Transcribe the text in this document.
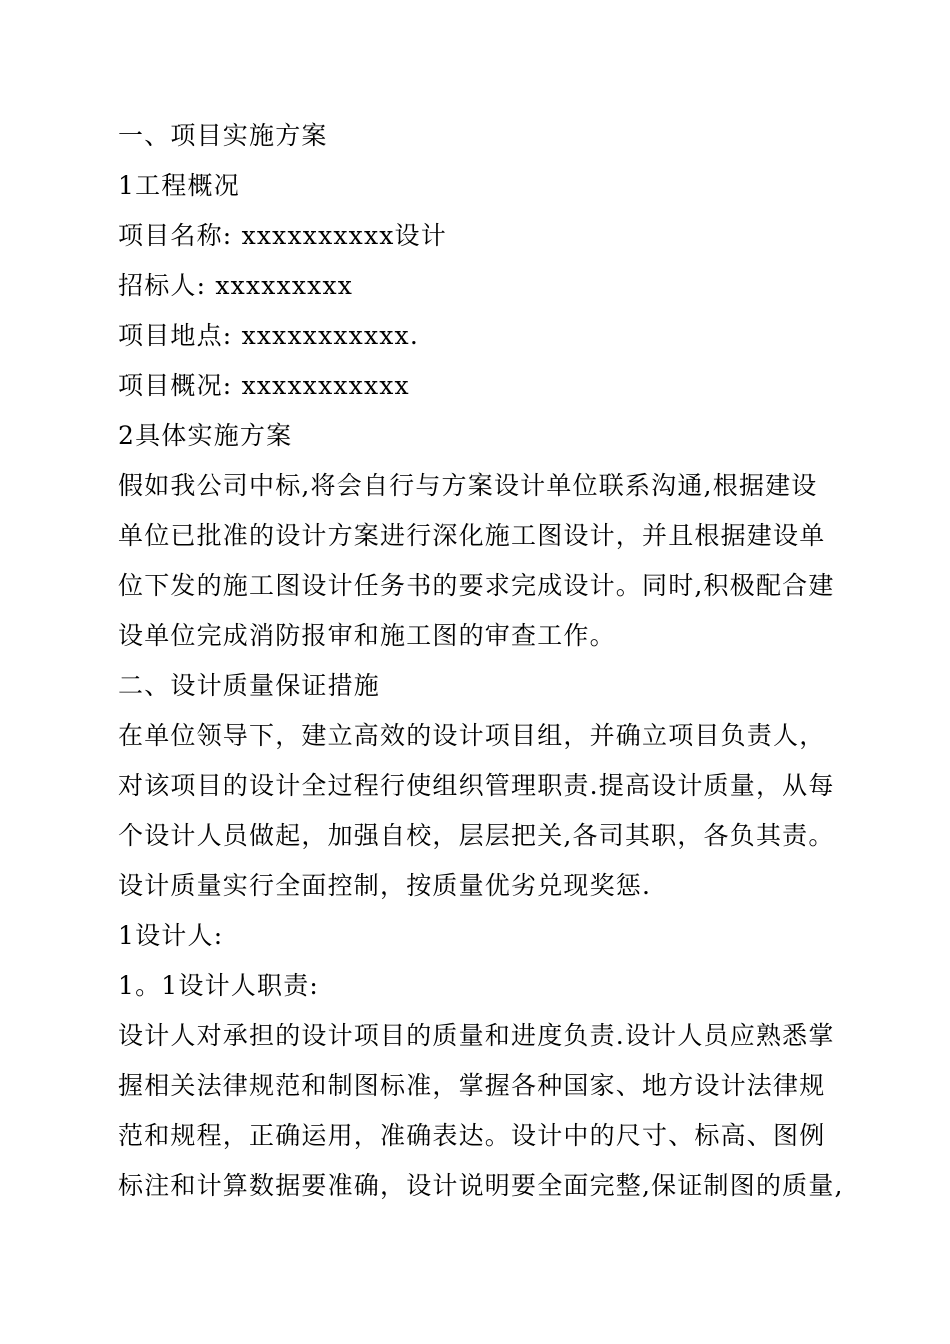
一、项目实施方案
1工程概况
项目名称: xxxxxxxxxx设计
招标人: xxxxxxxxx
项目地点: xxxxxxxxxxx.
项目概况: xxxxxxxxxxx
2具体实施方案
假如我公司中标,将会自行与方案设计单位联系沟通,根据建设
单位已批准的设计方案进行深化施工图设计，并且根据建设单
位下发的施工图设计任务书的要求完成设计。同时,积极配合建
设单位完成消防报审和施工图的审查工作。
二、设计质量保证措施
在单位领导下，建立高效的设计项目组，并确立项目负责人，
对该项目的设计全过程行使组织管理职责.提高设计质量，从每
个设计人员做起，加强自校，层层把关,各司其职，各负其责。
设计质量实行全面控制，按质量优劣兑现奖惩.
1设计人:
1。1设计人职责:
设计人对承担的设计项目的质量和进度负责.设计人员应熟悉掌
握相关法律规范和制图标准，掌握各种国家、地方设计法律规
范和规程，正确运用，准确表达。设计中的尺寸、标高、图例
标注和计算数据要准确，设计说明要全面完整,保证制图的质量,
